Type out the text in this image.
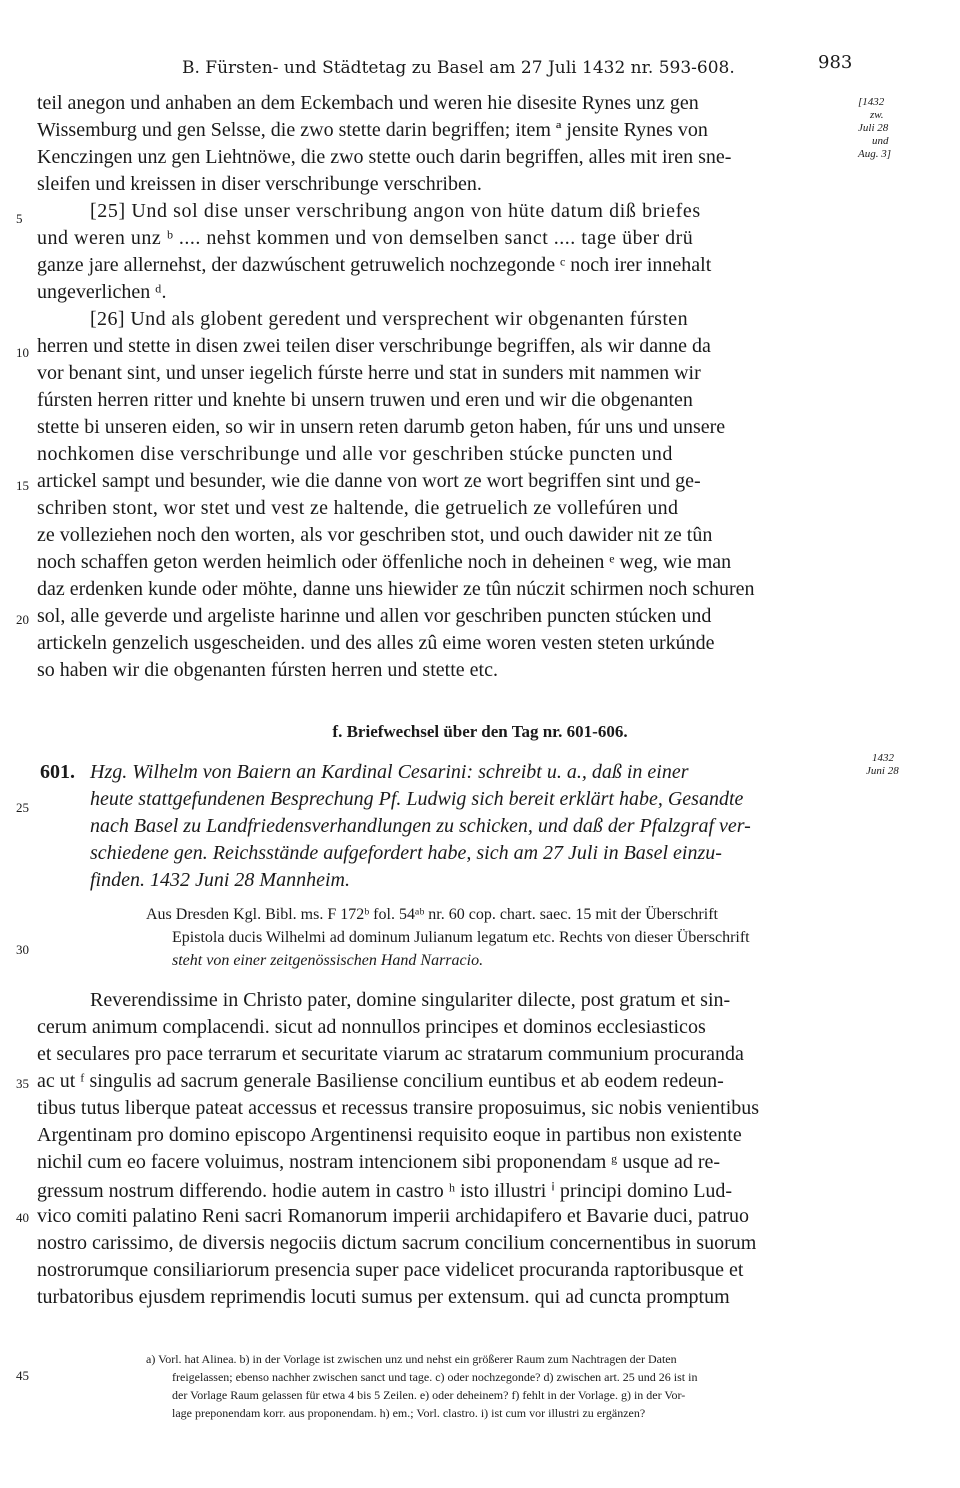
B. Fürsten- und Städtetag zu Basel am 27 Juli 1432 nr. 593-608.	983
[1432
zw.
Juli 28
und
Aug. 3]
1432
Juni 28
5
10
15
20
25
30
35
40
45
teil anegon und anhaben an dem Eckembach und weren hie disesite Rynes unz gen
Wissemburg und gen Selsse, die zwo stette darin begriffen; item ª jensite Rynes von
Kenczingen unz gen Liehtnöwe, die zwo stette ouch darin begriffen, alles mit iren sne-
sleifen und kreissen in diser verschribunge verschriben.
[25] Und sol dise unser verschribung angon von hüte datum diß briefes
und weren unz ᵇ .... nehst kommen und von demselben sanct .... tage über drü
ganze jare allernehst, der dazwúschent getruwelich nochzegonde ᶜ noch irer innehalt
ungeverlichen ᵈ.
[26] Und als globent geredent und versprechent wir obgenanten fúrsten
herren und stette in disen zwei teilen diser verschribunge begriffen, als wir danne da
vor benant sint, und unser iegelich fúrste herre und stat in sunders mit nammen wir
fúrsten herren ritter und knehte bi unsern truwen und eren und wir die obgenanten
stette bi unseren eiden, so wir in unsern reten darumb geton haben, fúr uns und unsere
nochkomen dise verschribunge und alle vor geschriben stúcke puncten und
artickel sampt und besunder, wie die danne von wort ze wort begriffen sint und ge-
schriben stont, wor stet und vest ze haltende, die getruelich ze vollefúren und
ze volleziehen noch den worten, als vor geschriben stot, und ouch dawider nit ze tûn
noch schaffen geton werden heimlich oder öffenliche noch in deheinen ᵉ weg, wie man
daz erdenken kunde oder möhte, danne uns hiewider ze tûn núczit schirmen noch schuren
sol, alle geverde und argeliste harinne und allen vor geschriben puncten stúcken und
artickeln genzelich usgescheiden. und des alles zû eime woren vesten steten urkúnde
so haben wir die obgenanten fúrsten herren und stette etc.
f. Briefwechsel über den Tag nr. 601-606.
601. Hzg. Wilhelm von Baiern an Kardinal Cesarini: schreibt u. a., daß in einer
heute stattgefundenen Besprechung Pf. Ludwig sich bereit erklärt habe, Gesandte
nach Basel zu Landfriedensverhandlungen zu schicken, und daß der Pfalzgraf ver-
schiedene gen. Reichsstände aufgefordert habe, sich am 27 Juli in Basel einzu-
finden. 1432 Juni 28 Mannheim.
Aus Dresden Kgl. Bibl. ms. F 172ᵇ fol. 54ᵃᵇ nr. 60 cop. chart. saec. 15 mit der Überschrift
Epistola ducis Wilhelmi ad dominum Julianum legatum etc. Rechts von dieser Überschrift
steht von einer zeitgenössischen Hand Narracio.
Reverendissime in Christo pater, domine singulariter dilecte, post gratum et sin-
cerum animum complacendi. sicut ad nonnullos principes et dominos ecclesiasticos
et seculares pro pace terrarum et securitate viarum ac stratarum communium procuranda
ac ut ᶠ singulis ad sacrum generale Basiliense concilium euntibus et ab eodem redeun-
tibus tutus liberque pateat accessus et recessus transire proposuimus, sic nobis venientibus
Argentinam pro domino episcopo Argentinensi requisito eoque in partibus non existente
nichil cum eo facere voluimus, nostram intencionem sibi proponendam ᵍ usque ad re-
gressum nostrum differendo. hodie autem in castro ʰ isto illustri ⁱ principi domino Lud-
vico comiti palatino Reni sacri Romanorum imperii archidapifero et Bavarie duci, patruo
nostro carissimo, de diversis negociis dictum sacrum concilium concernentibus in suorum
nostrorumque consiliariorum presencia super pace videlicet procuranda raptoribusque et
turbatoribus ejusdem reprimendis locuti sumus per extensum. qui ad cuncta promptum
a) Vorl. hat Alinea. b) in der Vorlage ist zwischen unz und nehst ein größerer Raum zum Nachtragen der Daten
freigelassen; ebenso nachher zwischen sanct und tage. c) oder nochzegonde? d) zwischen art. 25 und 26 ist in
der Vorlage Raum gelassen für etwa 4 bis 5 Zeilen. e) oder deheinem? f) fehlt in der Vorlage. g) in der Vor-
lage preponendam korr. aus proponendam. h) em.; Vorl. clastro. i) ist cum vor illustri zu ergänzen?
